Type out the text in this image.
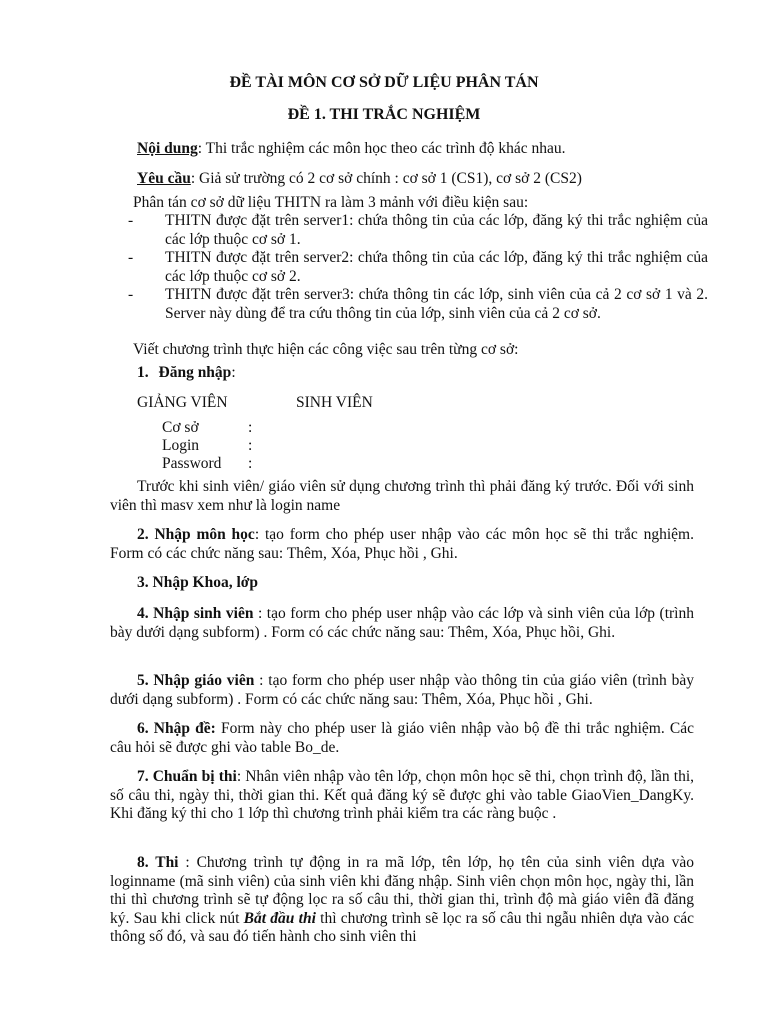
ĐỀ TÀI MÔN CƠ SỞ DỮ LIỆU PHÂN TÁN
ĐỀ 1. THI TRẮC NGHIỆM
Nội dung: Thi trắc nghiệm các môn học theo các trình độ khác nhau.
Yêu cầu: Giả sử trường có 2 cơ sở chính : cơ sở 1 (CS1), cơ sở 2 (CS2)
Phân tán cơ sở dữ liệu THITN ra làm 3 mảnh với điều kiện sau:
- THITN được đặt trên server1: chứa thông tin của các lớp, đăng ký thi trắc nghiệm của các lớp thuộc cơ sở 1.
- THITN được đặt trên server2: chứa thông tin của các lớp, đăng ký thi trắc nghiệm của các lớp thuộc cơ sở 2.
- THITN được đặt trên server3: chứa thông tin các lớp, sinh viên của cả 2 cơ sở 1 và 2. Server này dùng để tra cứu thông tin của lớp, sinh viên của cả 2 cơ sở.
Viết chương trình thực hiện các công việc sau trên từng cơ sở:
1. Đăng nhập:
GIẢNG VIÊN	SINH VIÊN
Cơ sở	:
Login	:
Password :
Trước khi sinh viên/ giáo viên sử dụng chương trình thì phải đăng ký trước. Đối với sinh viên thì masv xem như là login name
2. Nhập môn học: tạo form cho phép user nhập vào các môn học sẽ thi trắc nghiệm. Form có các chức năng sau: Thêm, Xóa, Phục hồi , Ghi.
3. Nhập Khoa, lớp
4. Nhập sinh viên : tạo form cho phép user nhập vào các lớp và sinh viên của lớp (trình bày dưới dạng subform) . Form có các chức năng sau: Thêm, Xóa, Phục hồi, Ghi.
5. Nhập giáo viên : tạo form cho phép user nhập vào thông tin của giáo viên (trình bày dưới dạng subform) . Form có các chức năng sau: Thêm, Xóa, Phục hồi , Ghi.
6. Nhập đề: Form này cho phép user là giáo viên nhập vào bộ đề thi trắc nghiệm. Các câu hỏi sẽ được ghi vào table Bo_de.
7. Chuẩn bị thi: Nhân viên nhập vào tên lớp, chọn môn học sẽ thi, chọn trình độ, lần thi, số câu thi, ngày thi, thời gian thi. Kết quả đăng ký sẽ được ghi vào table GiaoVien_DangKy. Khi đăng ký thi cho 1 lớp thì chương trình phải kiểm tra các ràng buộc .
8. Thi : Chương trình tự động in ra mã lớp, tên lớp, họ tên của sinh viên dựa vào loginname (mã sinh viên) của sinh viên khi đăng nhập. Sinh viên chọn môn học, ngày thi, lần thi thì chương trình sẽ tự động lọc ra số câu thi, thời gian thi, trình độ mà giáo viên đã đăng ký. Sau khi click nút Bắt đầu thi thì chương trình sẽ lọc ra số câu thi ngẫu nhiên dựa vào các thông số đó, và sau đó tiến hành cho sinh viên thi
